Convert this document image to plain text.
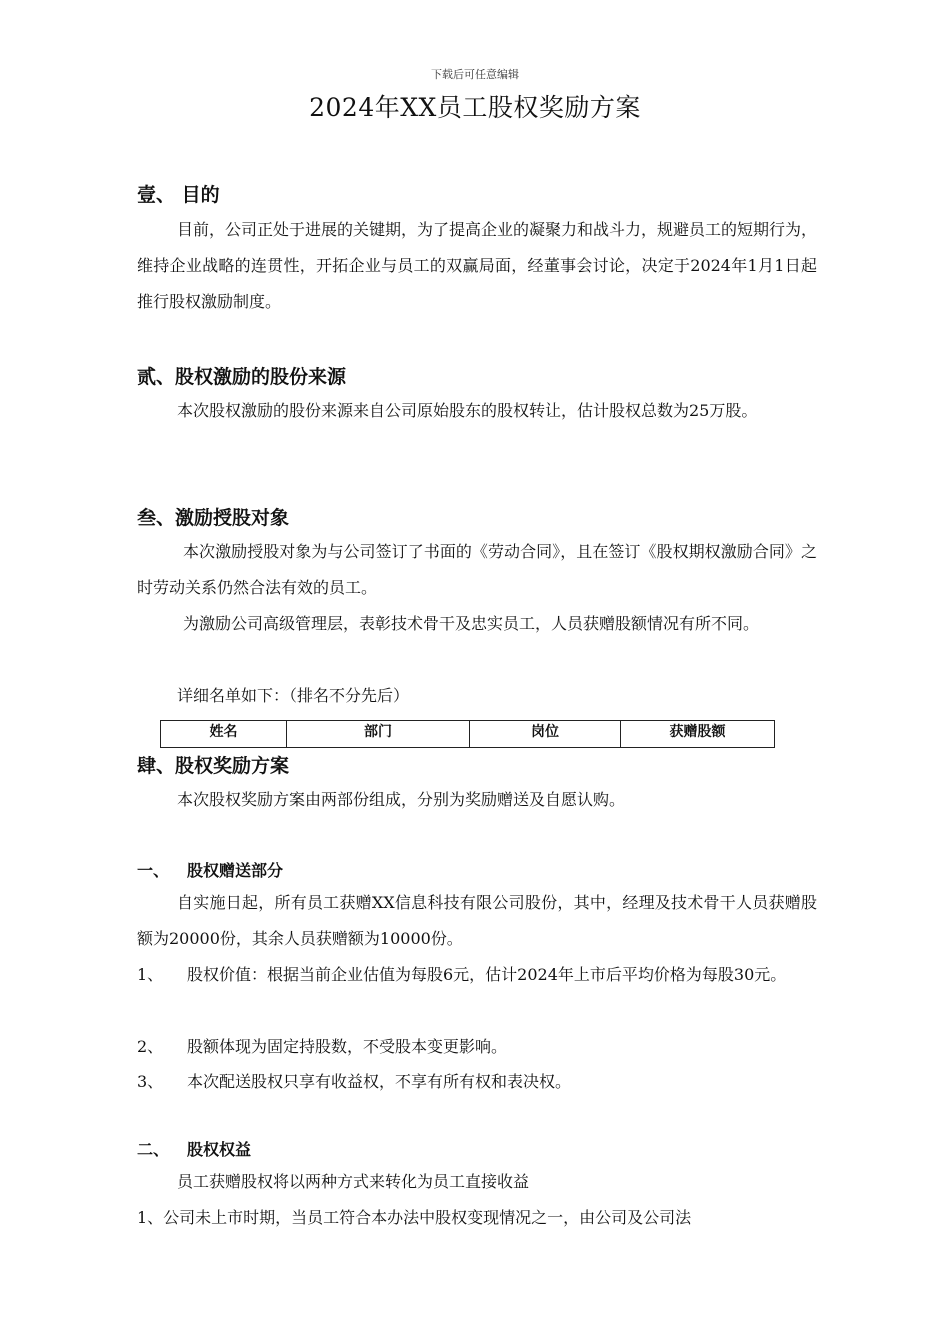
下载后可任意编辑
2024年XX员工股权奖励方案
壹、 目的

目前，公司正处于进展的关键期，为了提高企业的凝聚力和战斗力，规避员工的短期行为，维持企业战略的连贯性，开拓企业与员工的双赢局面，经董事会讨论，决定于2024年1月1日起推行股权激励制度。

贰、股权激励的股份来源

本次股权激励的股份来源来自公司原始股东的股权转让，估计股权总数为25万股。

叁、激励授股对象

本次激励授股对象为与公司签订了书面的《劳动合同》，且在签订《股权期权激励合同》之时劳动关系仍然合法有效的员工。

为激励公司高级管理层，表彰技术骨干及忠实员工，人员获赠股额情况有所不同。

详细名单如下：（排名不分先后）

姓名	部门	岗位	获赠股额
肆、股权奖励方案

本次股权奖励方案由两部份组成，分别为奖励赠送及自愿认购。

一、 股权赠送部分

自实施日起，所有员工获赠XX信息科技有限公司股份，其中，经理及技术骨干人员获赠股额为20000份，其余人员获赠额为10000份。

1、 股权价值：根据当前企业估值为每股6元，估计2024年上市后平均价格为每股30元。

2、 股额体现为固定持股数，不受股本变更影响。

3、 本次配送股权只享有收益权，不享有所有权和表决权。

二、 股权权益

员工获赠股权将以两种方式来转化为员工直接收益

1、公司未上市时期，当员工符合本办法中股权变现情况之一，由公司及公司法
